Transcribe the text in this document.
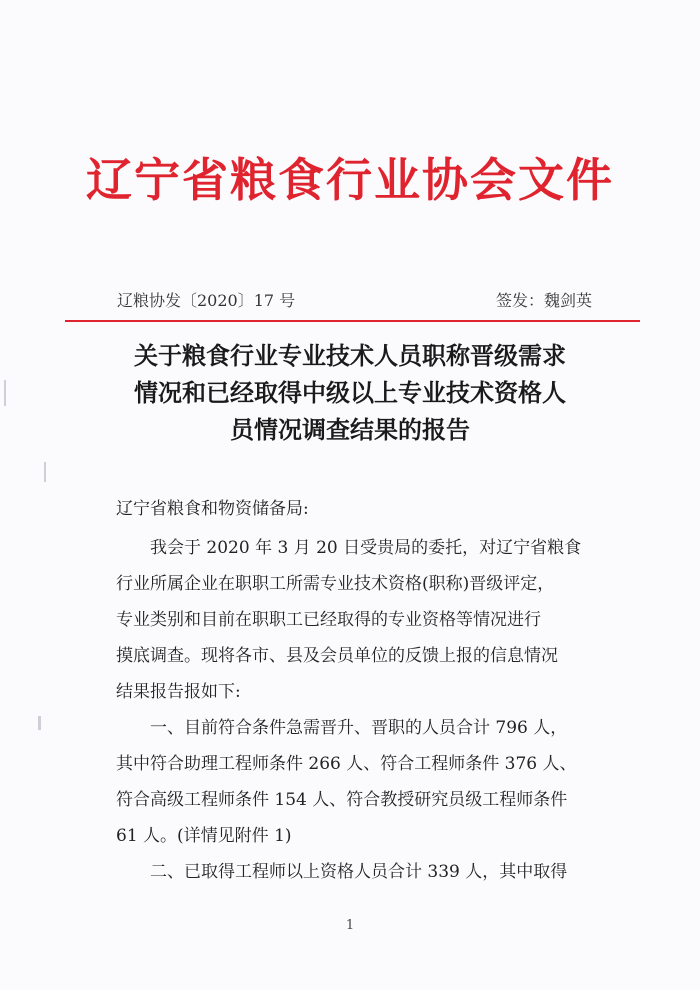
辽宁省粮食行业协会文件
辽粮协发〔2020〕17 号	签发：魏剑英
关于粮食行业专业技术人员职称晋级需求
情况和已经取得中级以上专业技术资格人
员情况调查结果的报告
辽宁省粮食和物资储备局:
我会于 2020 年 3 月 20 日受贵局的委托，对辽宁省粮食
行业所属企业在职职工所需专业技术资格(职称)晋级评定，
专业类别和目前在职职工已经取得的专业资格等情况进行
摸底调查。现将各市、县及会员单位的反馈上报的信息情况
结果报告报如下:
一、目前符合条件急需晋升、晋职的人员合计 796 人，
其中符合助理工程师条件 266 人、符合工程师条件 376 人、
符合高级工程师条件 154 人、符合教授研究员级工程师条件
61 人。(详情见附件 1)
二、已取得工程师以上资格人员合计 339 人，其中取得
1
